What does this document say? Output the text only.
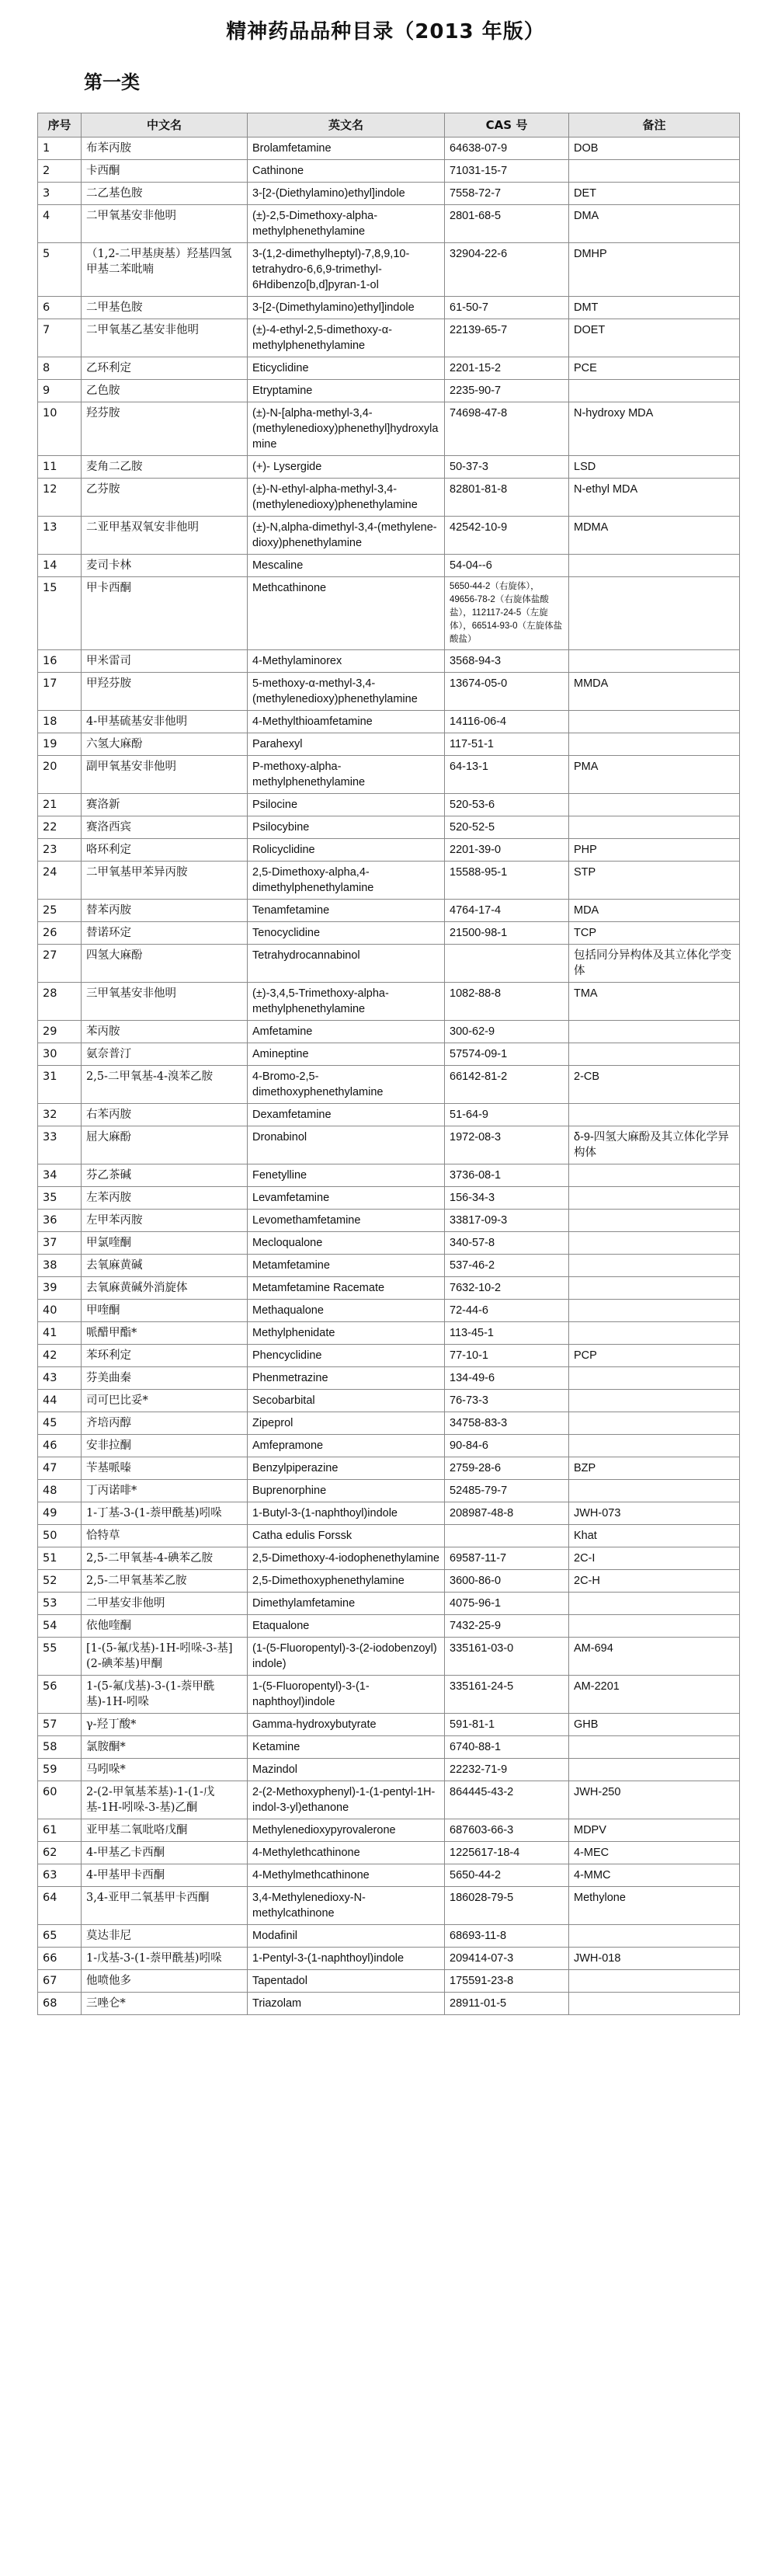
精神药品品种目录（2013 年版）
第一类
序号	中文名	英文名	CAS 号	备注
1	布苯丙胺	Brolamfetamine	64638-07-9	DOB
2	卡西酮	Cathinone	71031-15-7	
3	二乙基色胺	3-[2-(Diethylamino)ethyl]indole	7558-72-7	DET
4	二甲氧基安非他明	(±)-2,5-Dimethoxy-alpha-methylphenethylamine	2801-68-5	DMA
5	（1,2-二甲基庚基）羟基四氢甲基二苯吡喃	3-(1,2-dimethylheptyl)-7,8,9,10-tetrahydro-6,6,9-trimethyl-6Hdibenzo[b,d]pyran-1-ol	32904-22-6	DMHP
6	二甲基色胺	3-[2-(Dimethylamino)ethyl]indole	61-50-7	DMT
7	二甲氧基乙基安非他明	(±)-4-ethyl-2,5-dimethoxy-α-methylphenethylamine	22139-65-7	DOET
8	乙环利定	Eticyclidine	2201-15-2	PCE
9	乙色胺	Etryptamine	2235-90-7	
10	羟芬胺	(±)-N-[alpha-methyl-3,4-(methylenedioxy)phenethyl]hydroxylamine	74698-47-8	N-hydroxy MDA
11	麦角二乙胺	(+)- Lysergide	50-37-3	LSD
12	乙芬胺	(±)-N-ethyl-alpha-methyl-3,4-(methylenedioxy)phenethylamine	82801-81-8	N-ethyl MDA
13	二亚甲基双氧安非他明	(±)-N,alpha-dimethyl-3,4-(methylene-dioxy)phenethylamine	42542-10-9	MDMA
14	麦司卡林	Mescaline	54-04--6	
15	甲卡西酮	Methcathinone	5650-44-2（右旋体），49656-78-2（右旋体盐酸盐），112117-24-5（左旋体），66514-93-0（左旋体盐酸盐）	
16	甲米雷司	4-Methylaminorex	3568-94-3	
17	甲羟芬胺	5-methoxy-α-methyl-3,4-(methylenedioxy)phenethylamine	13674-05-0	MMDA
18	4-甲基硫基安非他明	4-Methylthioamfetamine	14116-06-4	
19	六氢大麻酚	Parahexyl	117-51-1	
20	副甲氧基安非他明	P-methoxy-alpha-methylphenethylamine	64-13-1	PMA
21	赛洛新	Psilocine	520-53-6	
22	赛洛西宾	Psilocybine	520-52-5	
23	咯环利定	Rolicyclidine	2201-39-0	PHP
24	二甲氧基甲苯异丙胺	2,5-Dimethoxy-alpha,4-dimethylphenethylamine	15588-95-1	STP
25	替苯丙胺	Tenamfetamine	4764-17-4	MDA
26	替诺环定	Tenocyclidine	21500-98-1	TCP
27	四氢大麻酚	Tetrahydrocannabinol		包括同分异构体及其立体化学变体
28	三甲氧基安非他明	(±)-3,4,5-Trimethoxy-alpha-methylphenethylamine	1082-88-8	TMA
29	苯丙胺	Amfetamine	300-62-9	
30	氨奈普汀	Amineptine	57574-09-1	
31	2,5-二甲氧基-4-溴苯乙胺	4-Bromo-2,5-dimethoxyphenethylamine	66142-81-2	2-CB
32	右苯丙胺	Dexamfetamine	51-64-9	
33	屈大麻酚	Dronabinol	1972-08-3	δ-9-四氢大麻酚及其立体化学异构体
34	芬乙茶碱	Fenetylline	3736-08-1	
35	左苯丙胺	Levamfetamine	156-34-3	
36	左甲苯丙胺	Levomethamfetamine	33817-09-3	
37	甲氯喹酮	Mecloqualone	340-57-8	
38	去氧麻黄碱	Metamfetamine	537-46-2	
39	去氧麻黄碱外消旋体	Metamfetamine Racemate	7632-10-2	
40	甲喹酮	Methaqualone	72-44-6	
41	哌醋甲酯*	Methylphenidate	113-45-1	
42	苯环利定	Phencyclidine	77-10-1	PCP
43	芬美曲秦	Phenmetrazine	134-49-6	
44	司可巴比妥*	Secobarbital	76-73-3	
45	齐培丙醇	Zipeprol	34758-83-3	
46	安非拉酮	Amfepramone	90-84-6	
47	苄基哌嗪	Benzylpiperazine	2759-28-6	BZP
48	丁丙诺啡*	Buprenorphine	52485-79-7	
49	1-丁基-3-(1-萘甲酰基)吲哚	1-Butyl-3-(1-naphthoyl)indole	208987-48-8	JWH-073
50	恰特草	Catha edulis Forssk		Khat
51	2,5-二甲氧基-4-碘苯乙胺	2,5-Dimethoxy-4-iodophenethylamine	69587-11-7	2C-I
52	2,5-二甲氧基苯乙胺	2,5-Dimethoxyphenethylamine	3600-86-0	2C-H
53	二甲基安非他明	Dimethylamfetamine	4075-96-1	
54	依他喹酮	Etaqualone	7432-25-9	
55	[1-(5-氟戊基)-1H-吲哚-3-基](2-碘苯基)甲酮	(1-(5-Fluoropentyl)-3-(2-iodobenzoyl) indole)	335161-03-0	AM-694
56	1-(5-氟戊基)-3-(1-萘甲酰基)-1H-吲哚	1-(5-Fluoropentyl)-3-(1-naphthoyl)indole	335161-24-5	AM-2201
57	γ-羟丁酸*	Gamma-hydroxybutyrate	591-81-1	GHB
58	氯胺酮*	Ketamine	6740-88-1	
59	马吲哚*	Mazindol	22232-71-9	
60	2-(2-甲氧基苯基)-1-(1-戊基-1H-吲哚-3-基)乙酮	2-(2-Methoxyphenyl)-1-(1-pentyl-1H-indol-3-yl)ethanone	864445-43-2	JWH-250
61	亚甲基二氧吡咯戊酮	Methylenedioxypyrovalerone	687603-66-3	MDPV
62	4-甲基乙卡西酮	4-Methylethcathinone	1225617-18-4	4-MEC
63	4-甲基甲卡西酮	4-Methylmethcathinone	5650-44-2	4-MMC
64	3,4-亚甲二氧基甲卡西酮	3,4-Methylenedioxy-N-methylcathinone	186028-79-5	Methylone
65	莫达非尼	Modafinil	68693-11-8	
66	1-戊基-3-(1-萘甲酰基)吲哚	1-Pentyl-3-(1-naphthoyl)indole	209414-07-3	JWH-018
67	他喷他多	Tapentadol	175591-23-8	
68	三唑仑*	Triazolam	28911-01-5	
